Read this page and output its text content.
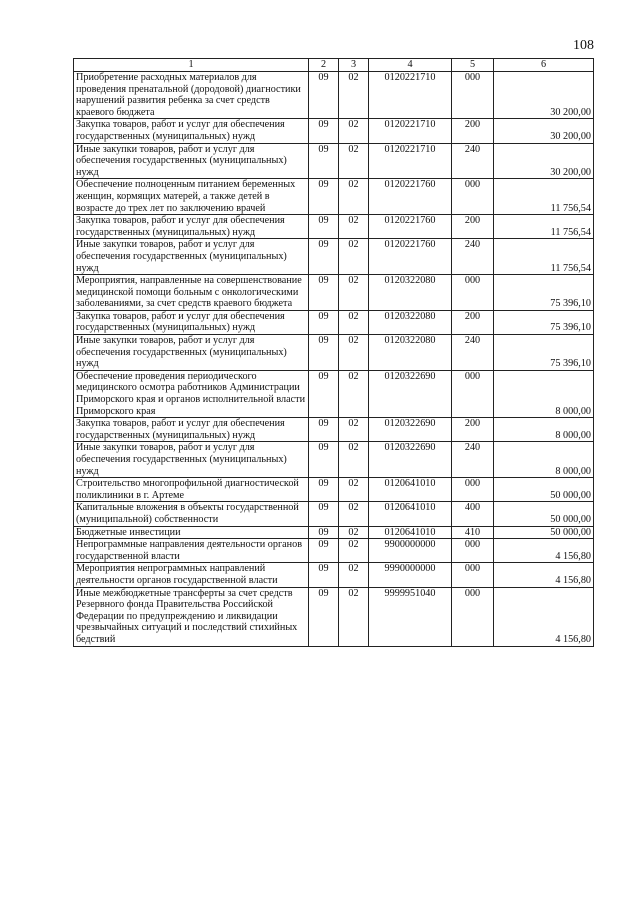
108
1	2	3	4	5	6
Приобретение расходных материалов для проведения пренатальной (дородовой) диагностики нарушений развития ребенка за счет средств краевого бюджета	09	02	0120221710	000	30 200,00
Закупка товаров, работ и услуг для обеспечения государственных (муниципальных) нужд	09	02	0120221710	200	30 200,00
Иные закупки товаров, работ и услуг для обеспечения государственных (муниципальных) нужд	09	02	0120221710	240	30 200,00
Обеспечение полноценным питанием беременных женщин, кормящих матерей, а также детей в возрасте до трех лет по заключению врачей	09	02	0120221760	000	11 756,54
Закупка товаров, работ и услуг для обеспечения государственных (муниципальных) нужд	09	02	0120221760	200	11 756,54
Иные закупки товаров, работ и услуг для обеспечения государственных (муниципальных) нужд	09	02	0120221760	240	11 756,54
Мероприятия, направленные на совершенствование медицинской помощи больным с онкологическими заболеваниями, за счет средств краевого бюджета	09	02	0120322080	000	75 396,10
Закупка товаров, работ и услуг для обеспечения государственных (муниципальных) нужд	09	02	0120322080	200	75 396,10
Иные закупки товаров, работ и услуг для обеспечения государственных (муниципальных) нужд	09	02	0120322080	240	75 396,10
Обеспечение проведения периодического медицинского осмотра работников Администрации Приморского края и органов исполнительной власти Приморского края	09	02	0120322690	000	8 000,00
Закупка товаров, работ и услуг для обеспечения государственных (муниципальных) нужд	09	02	0120322690	200	8 000,00
Иные закупки товаров, работ и услуг для обеспечения государственных (муниципальных) нужд	09	02	0120322690	240	8 000,00
Строительство многопрофильной диагностической поликлиники в г. Артеме	09	02	0120641010	000	50 000,00
Капитальные вложения в объекты государственной (муниципальной) собственности	09	02	0120641010	400	50 000,00
Бюджетные инвестиции	09	02	0120641010	410	50 000,00
Непрограммные направления деятельности органов государственной власти	09	02	9900000000	000	4 156,80
Мероприятия непрограммных направлений деятельности органов государственной власти	09	02	9990000000	000	4 156,80
Иные межбюджетные трансферты за счет средств Резервного фонда Правительства Российской Федерации по предупреждению и ликвидации чрезвычайных ситуаций и последствий стихийных бедствий	09	02	9999951040	000	4 156,80
